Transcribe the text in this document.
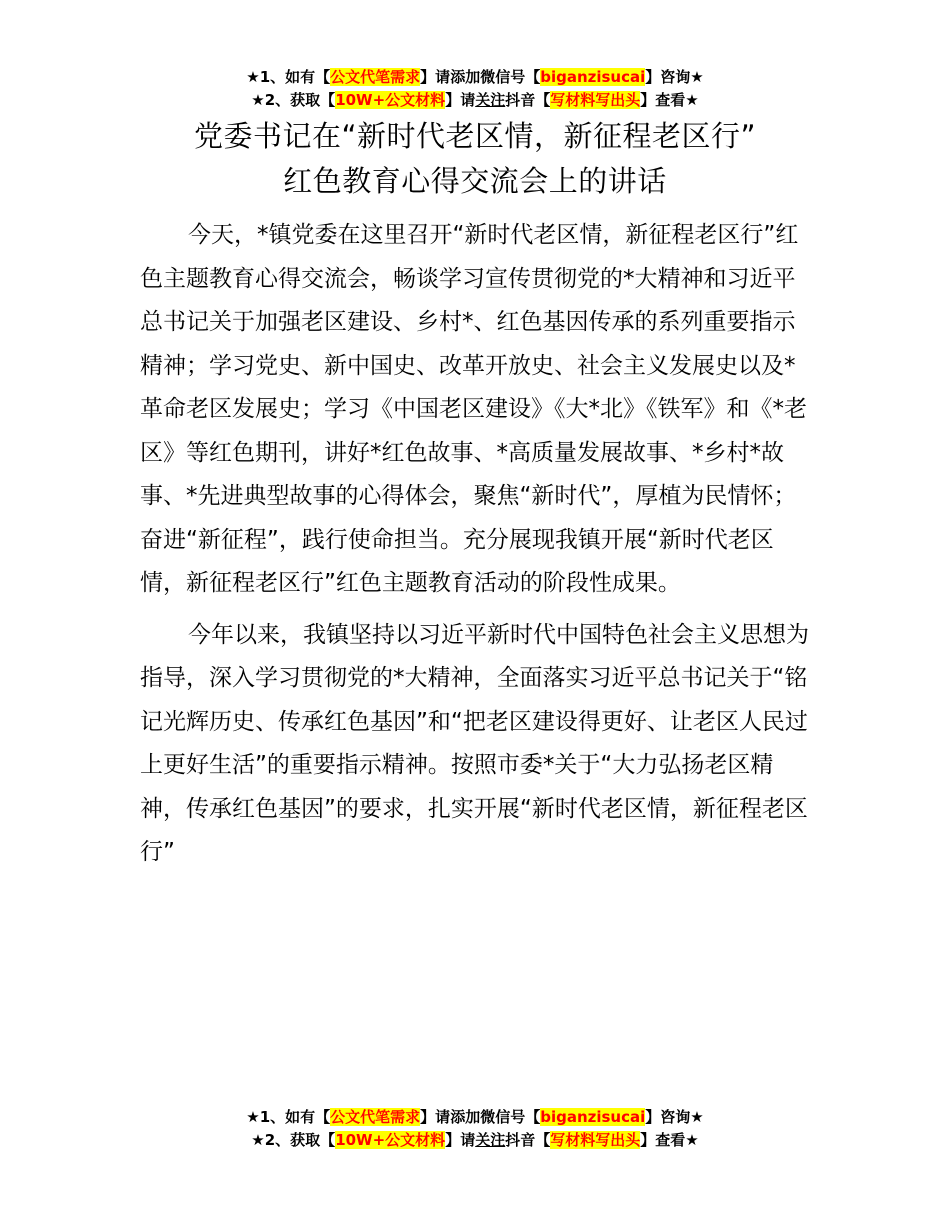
★1、如有【公文代笔需求】请添加微信号【biganzisucai】咨询★
★2、获取【10W+公文材料】请关注抖音【写材料写出头】查看★
党委书记在“新时代老区情，新征程老区行”
红色教育心得交流会上的讲话

今天，*镇党委在这里召开“新时代老区情，新征程老区行”红色主题教育心得交流会，畅谈学习宣传贯彻党的*大精神和习近平总书记关于加强老区建设、乡村*、红色基因传承的系列重要指示精神；学习党史、新中国史、改革开放史、社会主义发展史以及*革命老区发展史；学习《中国老区建设》《大*北》《铁军》和《*老区》等红色期刊，讲好*红色故事、*高质量发展故事、*乡村*故事、*先进典型故事的心得体会，聚焦“新时代”，厚植为民情怀；奋进“新征程”，践行使命担当。充分展现我镇开展“新时代老区情，新征程老区行”红色主题教育活动的阶段性成果。

今年以来，我镇坚持以习近平新时代中国特色社会主义思想为指导，深入学习贯彻党的*大精神，全面落实习近平总书记关于“铭记光辉历史、传承红色基因”和“把老区建设得更好、让老区人民过上更好生活”的重要指示精神。按照市委*关于“大力弘扬老区精神，传承红色基因”的要求，扎实开展“新时代老区情，新征程老区行”

★1、如有【公文代笔需求】请添加微信号【biganzisucai】咨询★
★2、获取【10W+公文材料】请关注抖音【写材料写出头】查看★
